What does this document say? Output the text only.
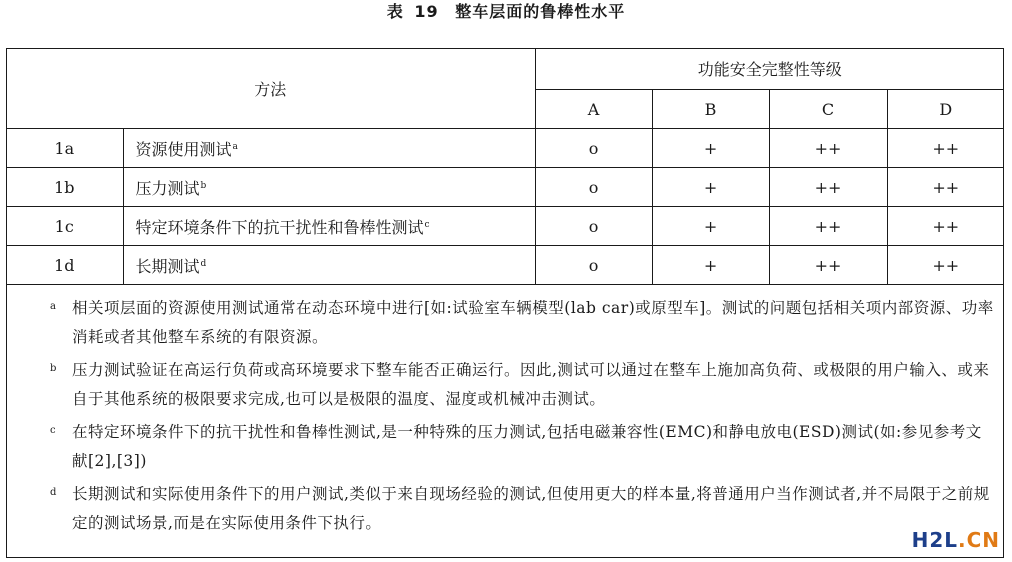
表 19 整车层面的鲁棒性水平
方法		功能安全完整性等级			
		A	B	C	D
1a	资源使用测试$^a$	o	+	++	++
1b	压力测试$^b$	o	+	++	++
1c	特定环境条件下的抗干扰性和鲁棒性测试$^c$	o	+	++	++
1d	长期测试$^d$	o	+	++	++
a 相关项层面的资源使用测试通常在动态环境中进行[如:试验室车辆模型(lab car)或原型车]。测试的问题包括相关项内部资源、功率消耗或者其他整车系统的有限资源。
b 压力测试验证在高运行负荷或高环境要求下整车能否正确运行。因此,测试可以通过在整车上施加高负荷、或极限的用户输入、或来自于其他系统的极限要求完成,也可以是极限的温度、湿度或机械冲击测试。
c 在特定环境条件下的抗干扰性和鲁棒性测试,是一种特殊的压力测试,包括电磁兼容性(EMC)和静电放电(ESD)测试(如:参见参考文献[2],[3])
d 长期测试和实际使用条件下的用户测试,类似于来自现场经验的测试,但使用更大的样本量,将普通用户当作测试者,并不局限于之前规定的测试场景,而是在实际使用条件下执行。
H2L.CN
